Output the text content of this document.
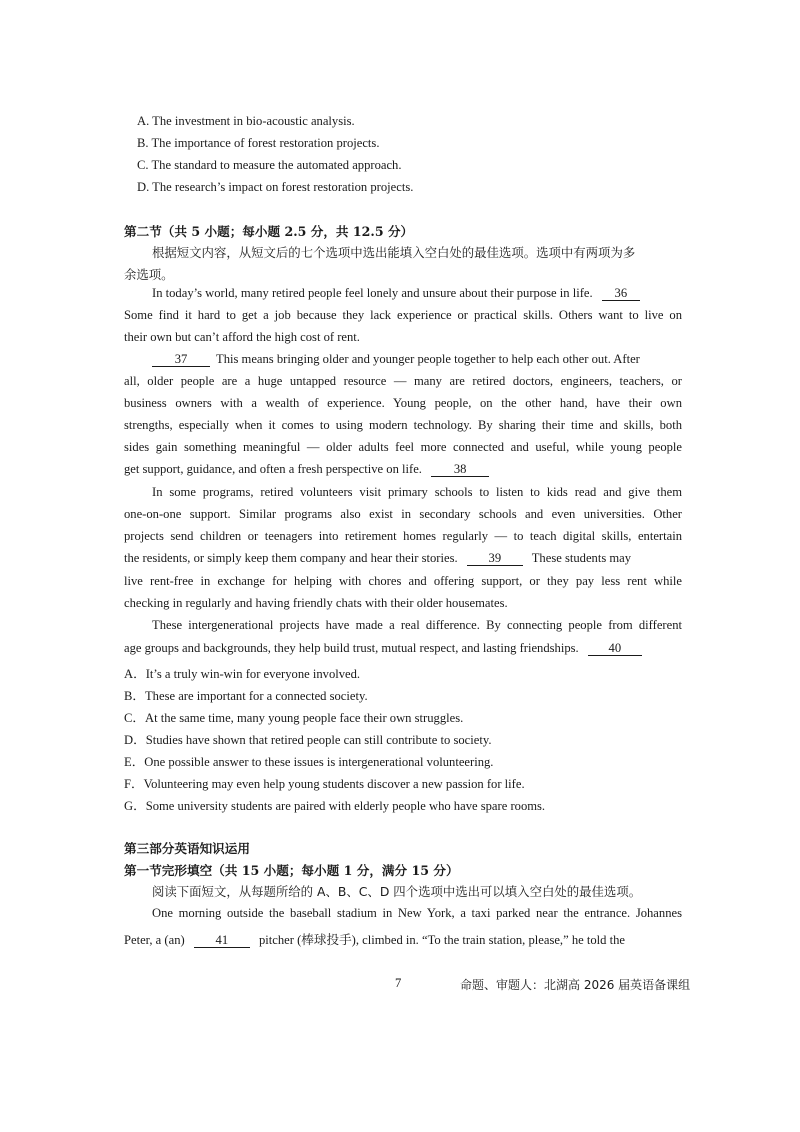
A. The investment in bio-acoustic analysis.
B. The importance of forest restoration projects.
C. The standard to measure the automated approach.
D. The research’s impact on forest restoration projects.
第二节（共 5 小题；每小题 2.5 分，共 12.5 分）
根据短文内容，从短文后的七个选项中选出能填入空白处的最佳选项。选项中有两项为多
余选项。
In today’s world, many retired people feel lonely and unsure about their purpose in life. 36
Some find it hard to get a job because they lack experience or practical skills. Others want to live on
their own but can’t afford the high cost of rent.
37 This means bringing older and younger people together to help each other out. After
all, older people are a huge untapped resource — many are retired doctors, engineers, teachers, or
business owners with a wealth of experience. Young people, on the other hand, have their own
strengths, especially when it comes to using modern technology. By sharing their time and skills, both
sides gain something meaningful — older adults feel more connected and useful, while young people
get support, guidance, and often a fresh perspective on life.	38
In some programs, retired volunteers visit primary schools to listen to kids read and give them
one-on-one support. Similar programs also exist in secondary schools and even universities. Other
projects send children or teenagers into retirement homes regularly — to teach digital skills, entertain
the residents, or simply keep them company and hear their stories. 39 These students may
live rent-free in exchange for helping with chores and offering support, or they pay less rent while
checking in regularly and having friendly chats with their older housemates.
These intergenerational projects have made a real difference. By connecting people from different
age groups and backgrounds, they help build trust, mutual respect, and lasting friendships. 40
A．It’s a truly win-win for everyone involved.
B．These are important for a connected society.
C．At the same time, many young people face their own struggles.
D．Studies have shown that retired people can still contribute to society.
E．One possible answer to these issues is intergenerational volunteering.
F．Volunteering may even help young students discover a new passion for life.
G．Some university students are paired with elderly people who have spare rooms.
第三部分英语知识运用
第一节完形填空（共 15 小题；每小题 1 分，满分 15 分）
阅读下面短文，从每题所给的 A、B、C、D 四个选项中选出可以填入空白处的最佳选项。
One morning outside the baseball stadium in New York, a taxi parked near the entrance. Johannes
Peter, a (an) 41 pitcher (棒球投手), climbed in. “To the train station, please,” he told the
7	命题、审题人：北湖高 2026 届英语备课组
